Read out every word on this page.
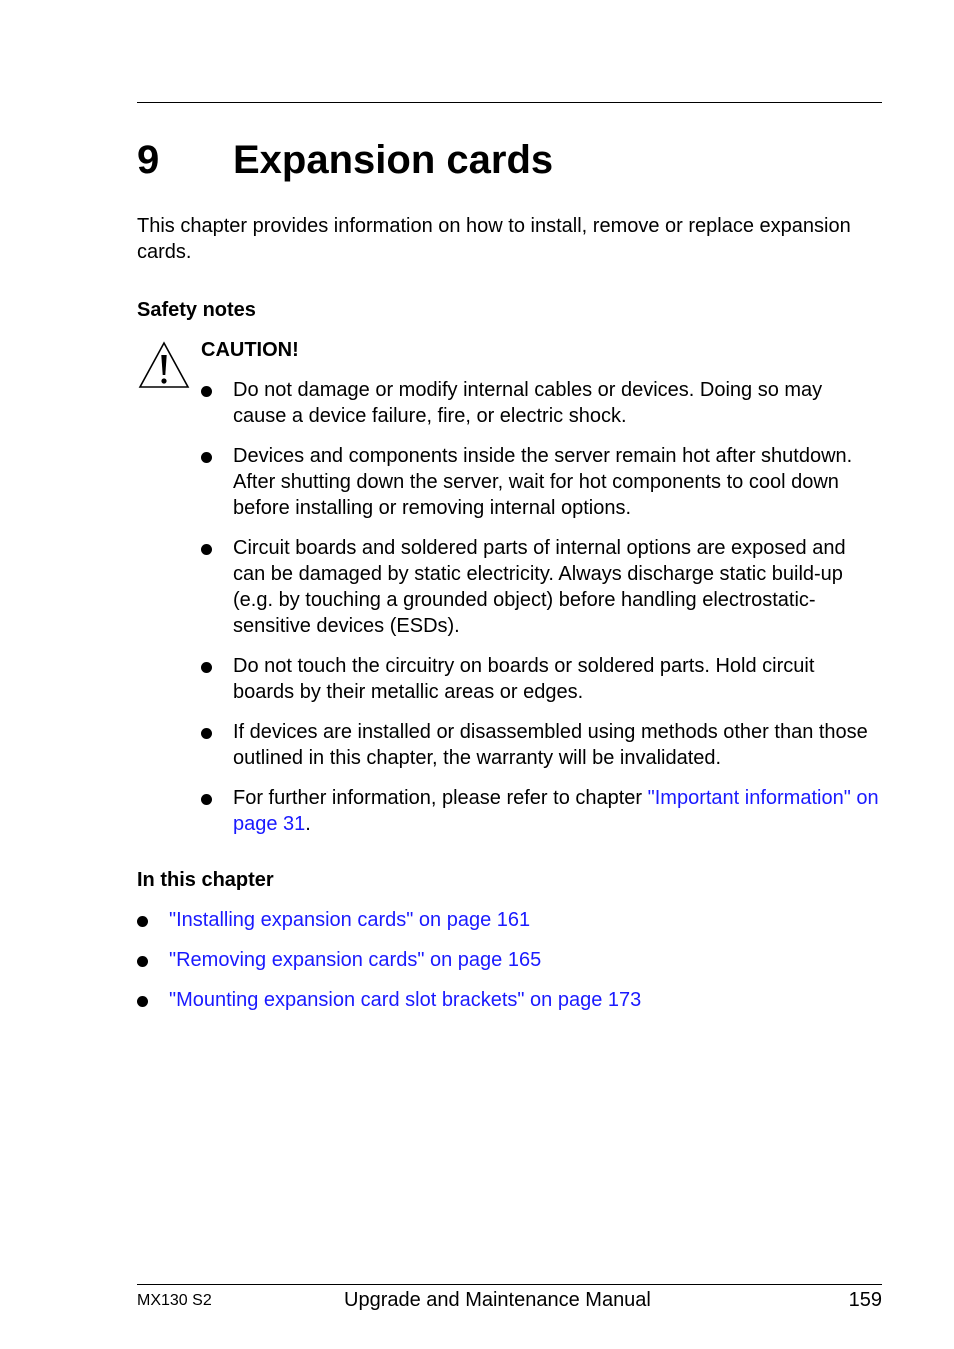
9 Expansion cards

This chapter provides information on how to install, remove or replace expansion cards.

Safety notes

CAUTION!

Do not damage or modify internal cables or devices. Doing so may cause a device failure, fire, or electric shock.
Devices and components inside the server remain hot after shutdown. After shutting down the server, wait for hot components to cool down before installing or removing internal options.
Circuit boards and soldered parts of internal options are exposed and can be damaged by static electricity. Always discharge static build-up (e.g. by touching a grounded object) before handling electrostatic-sensitive devices (ESDs).
Do not touch the circuitry on boards or soldered parts. Hold circuit boards by their metallic areas or edges.
If devices are installed or disassembled using methods other than those outlined in this chapter, the warranty will be invalidated.
For further information, please refer to chapter "Important information" on page 31.
In this chapter
"Installing expansion cards" on page 161
"Removing expansion cards" on page 165
"Mounting expansion card slot brackets" on page 173
MX130 S2	Upgrade and Maintenance Manual	159
